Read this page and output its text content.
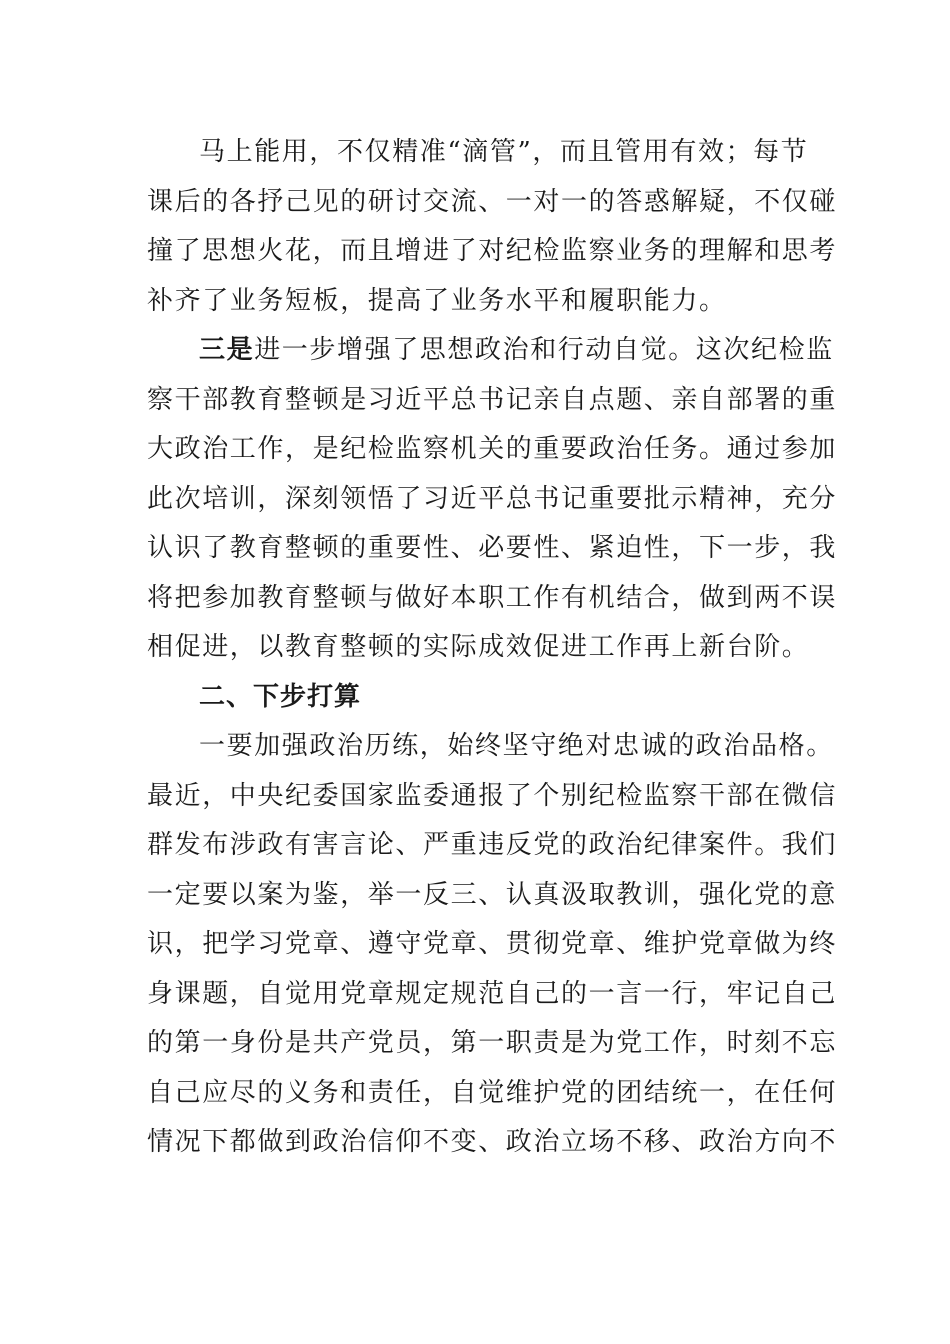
马上能用，不仅精准“滴管”，而且管用有效；每节
课后的各抒己见的研讨交流、一对一的答惑解疑，不仅碰
撞了思想火花，而且增进了对纪检监察业务的理解和思考
补齐了业务短板，提高了业务水平和履职能力。
三是进一步增强了思想政治和行动自觉。这次纪检监
察干部教育整顿是习近平总书记亲自点题、亲自部署的重
大政治工作，是纪检监察机关的重要政治任务。通过参加
此次培训，深刻领悟了习近平总书记重要批示精神，充分
认识了教育整顿的重要性、必要性、紧迫性，下一步，我
将把参加教育整顿与做好本职工作有机结合，做到两不误
相促进，以教育整顿的实际成效促进工作再上新台阶。
二、下步打算
一要加强政治历练，始终坚守绝对忠诚的政治品格。
最近，中央纪委国家监委通报了个别纪检监察干部在微信
群发布涉政有害言论、严重违反党的政治纪律案件。我们
一定要以案为鉴，举一反三、认真汲取教训，强化党的意
识，把学习党章、遵守党章、贯彻党章、维护党章做为终
身课题，自觉用党章规定规范自己的一言一行，牢记自己
的第一身份是共产党员，第一职责是为党工作，时刻不忘
自己应尽的义务和责任，自觉维护党的团结统一，在任何
情况下都做到政治信仰不变、政治立场不移、政治方向不
